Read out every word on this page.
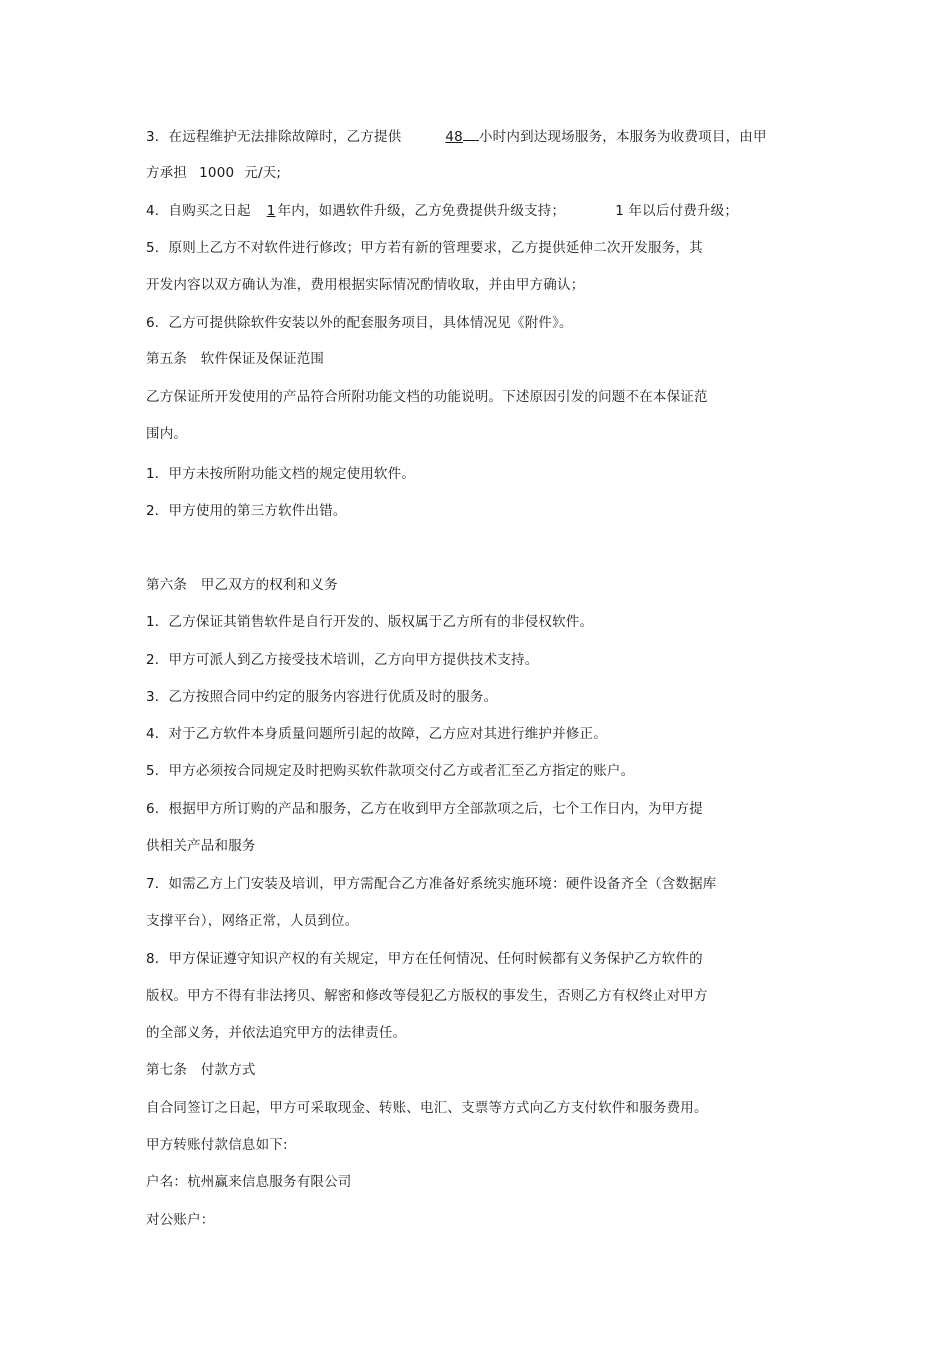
3．在远程维护无法排除故障时，乙方提供	48 小时内到达现场服务，本服务为收费项目，由甲
方承担 1000 元/天;
4．自购买之日起 1 年内，如遇软件升级，乙方免费提供升级支持；	1 年以后付费升级；
5．原则上乙方不对软件进行修改；甲方若有新的管理要求，乙方提供延伸二次开发服务，其
开发内容以双方确认为准，费用根据实际情况酌情收取，并由甲方确认；
6．乙方可提供除软件安装以外的配套服务项目，具体情况见《附件》。
第五条　软件保证及保证范围
乙方保证所开发使用的产品符合所附功能文档的功能说明。下述原因引发的问题不在本保证范
围内。
1．甲方未按所附功能文档的规定使用软件。
2．甲方使用的第三方软件出错。
第六条　甲乙双方的权利和义务
1．乙方保证其销售软件是自行开发的、版权属于乙方所有的非侵权软件。
2．甲方可派人到乙方接受技术培训，乙方向甲方提供技术支持。
3．乙方按照合同中约定的服务内容进行优质及时的服务。
4．对于乙方软件本身质量问题所引起的故障，乙方应对其进行维护并修正。
5．甲方必须按合同规定及时把购买软件款项交付乙方或者汇至乙方指定的账户。
6．根据甲方所订购的产品和服务，乙方在收到甲方全部款项之后，七个工作日内，为甲方提
供相关产品和服务
7．如需乙方上门安装及培训，甲方需配合乙方准备好系统实施环境：硬件设备齐全（含数据库
支撑平台），网络正常，人员到位。
8．甲方保证遵守知识产权的有关规定，甲方在任何情况、任何时候都有义务保护乙方软件的
版权。甲方不得有非法拷贝、解密和修改等侵犯乙方版权的事发生，否则乙方有权终止对甲方
的全部义务，并依法追究甲方的法律责任。
第七条　付款方式
自合同签订之日起，甲方可采取现金、转账、电汇、支票等方式向乙方支付软件和服务费用。
甲方转账付款信息如下:
户名：杭州赢来信息服务有限公司
对公账户：
